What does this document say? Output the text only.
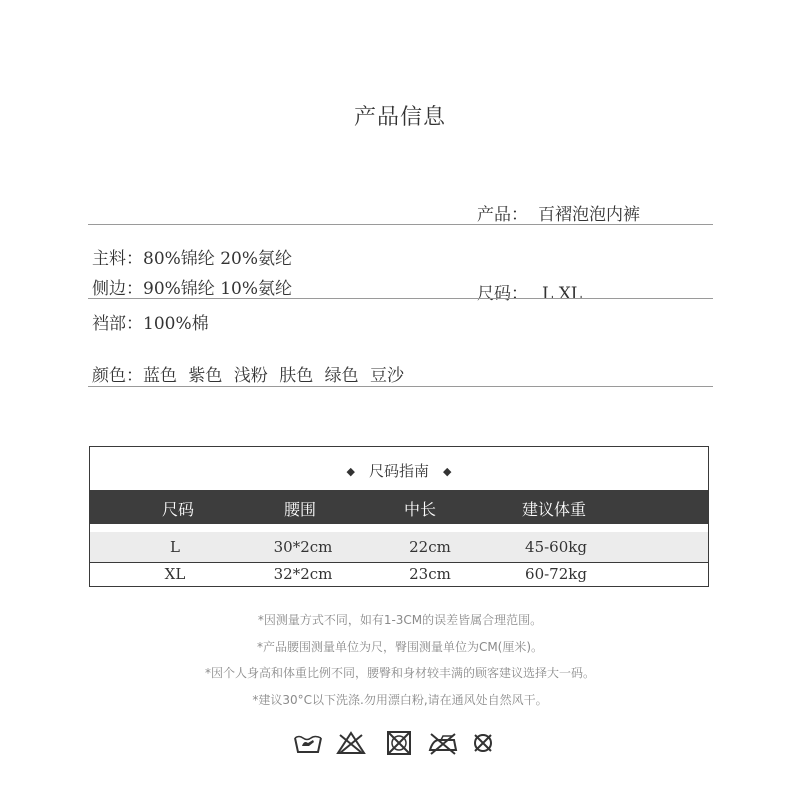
产品信息
产品： 百褶泡泡内裤
主料：80%锦纶 20%氨纶
侧边：90%锦纶 10%氨纶	尺码： L XL
裆部：100%棉
颜色：蓝色 紫色 浅粉 肤色 绿色 豆沙
◆ 尺码指南 ◆
尺码	腰围	中长	建议体重
L	30*2cm	22cm	45-60kg
XL	32*2cm	23cm	60-72kg
*因测量方式不同，如有1-3CM的误差皆属合理范围。
*产品腰围测量单位为尺，臀围测量单位为CM(厘米)。
*因个人身高和体重比例不同，腰臀和身材较丰满的顾客建议选择大一码。
*建议30°C以下洗涤.勿用漂白粉,请在通风处自然风干。
